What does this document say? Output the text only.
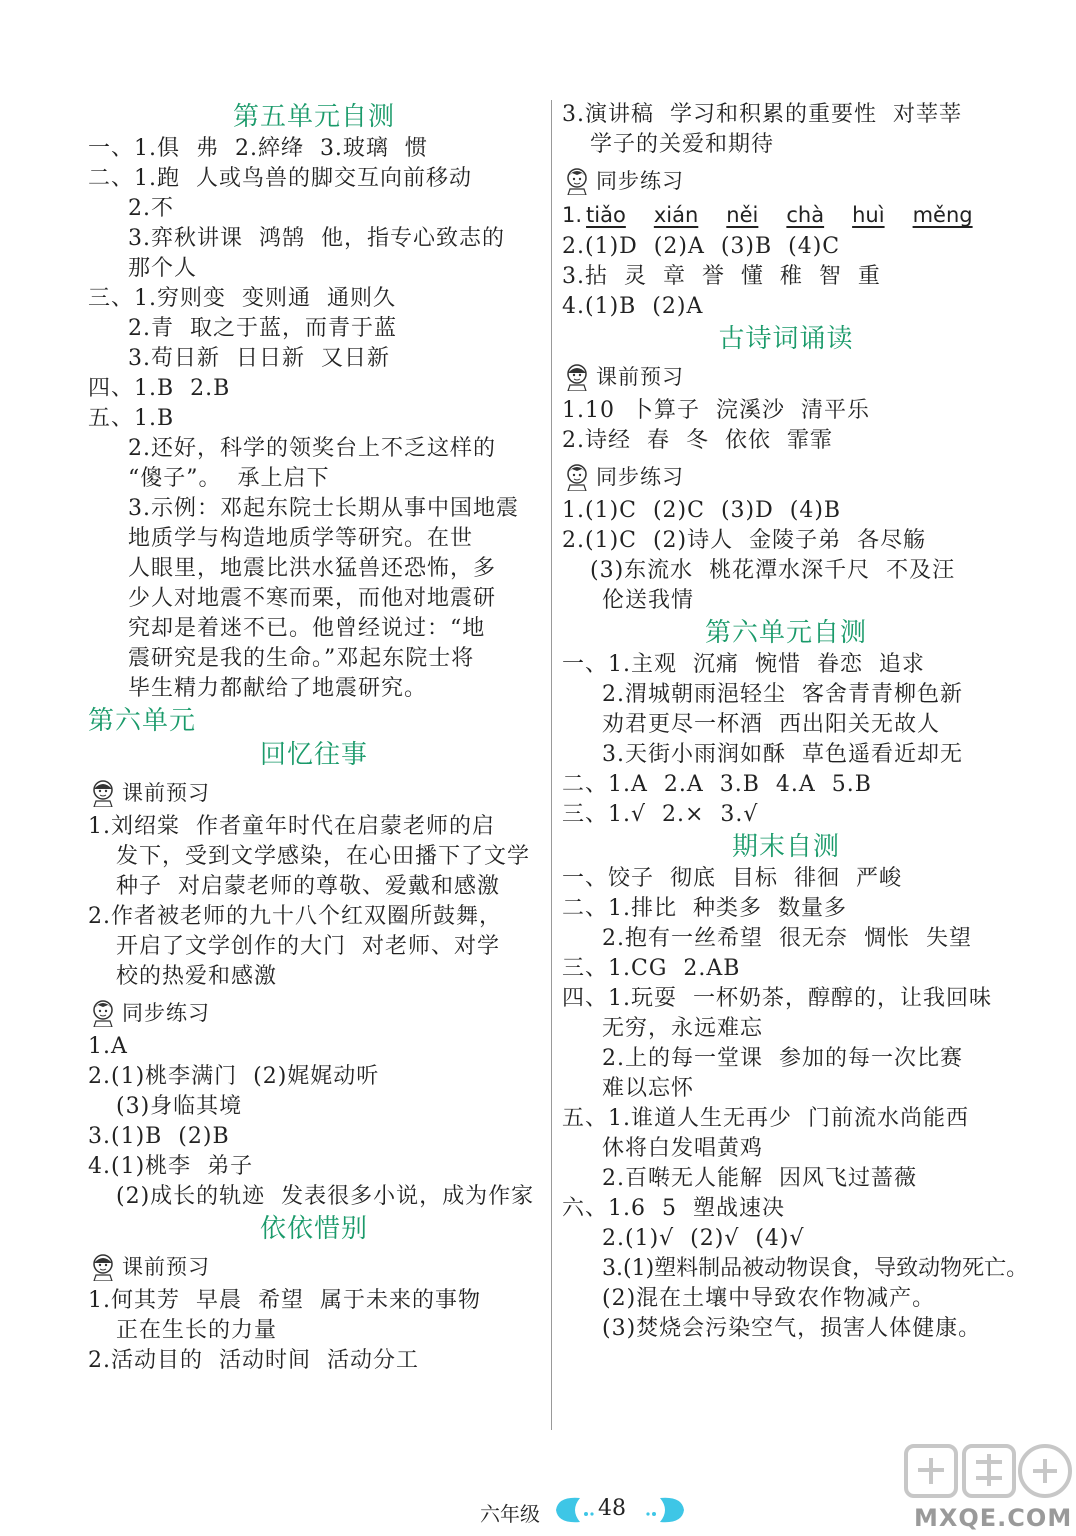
第五单元自测
一、1.俱  弗  2.綷绛  3.玻璃  惯
二、1.跑  人或鸟兽的脚交互向前移动
2.不
3.弈秋讲课  鸿鹄  他，指专心致志的
那个人
三、1.穷则变  变则通  通则久
2.青  取之于蓝，而青于蓝
3.苟日新  日日新  又日新
四、1.B  2.B
五、1.B
2.还好，科学的领奖台上不乏这样的
“傻子”。  承上启下
3.示例：邓起东院士长期从事中国地震
地质学与构造地质学等研究。在世
人眼里，地震比洪水猛兽还恐怖，多
少人对地震不寒而栗，而他对地震研
究却是着迷不已。他曾经说过：“地
震研究是我的生命。”邓起东院士将
毕生精力都献给了地震研究。
第六单元
回忆往事
课前预习
1.刘绍棠  作者童年时代在启蒙老师的启
发下，受到文学感染，在心田播下了文学
种子  对启蒙老师的尊敬、爱戴和感激
2.作者被老师的九十八个红双圈所鼓舞，
开启了文学创作的大门  对老师、对学
校的热爱和感激
同步练习
1.A
2.(1)桃李满门  (2)娓娓动听
(3)身临其境
3.(1)B  (2)B
4.(1)桃李  弟子
(2)成长的轨迹  发表很多小说，成为作家
依依惜别
课前预习
1.何其芳  早晨  希望  属于未来的事物
正在生长的力量
2.活动目的  活动时间  活动分工
3.演讲稿  学习和积累的重要性  对莘莘
学子的关爱和期待
同步练习
1. tiǎo xián něi chà huì měng
2.(1)D  (2)A  (3)B  (4)C
3.拈  灵  章  誉  懂  稚  智  重
4.(1)B  (2)A
古诗词诵读
课前预习
1.10  卜算子  浣溪沙  清平乐
2.诗经  春  冬  依依  霏霏
同步练习
1.(1)C  (2)C  (3)D  (4)B
2.(1)C  (2)诗人  金陵子弟  各尽觞
(3)东流水  桃花潭水深千尺  不及汪
伦送我情
第六单元自测
一、1.主观  沉痛  惋惜  眷恋  追求
2.渭城朝雨浥轻尘  客舍青青柳色新
劝君更尽一杯酒  西出阳关无故人
3.天街小雨润如酥  草色遥看近却无
二、1.A  2.A  3.B  4.A  5.B
三、1.√  2.×  3.√
期末自测
一、饺子  彻底  目标  徘徊  严峻
二、1.排比  种类多  数量多
2.抱有一丝希望  很无奈  惆怅  失望
三、1.CG  2.AB
四、1.玩耍  一杯奶茶，醇醇的，让我回味
无穷，永远难忘
2.上的每一堂课  参加的每一次比赛
难以忘怀
五、1.谁道人生无再少  门前流水尚能西
休将白发唱黄鸡
2.百啭无人能解  因风飞过蔷薇
六、1.6  5  塑战速决
2.(1)√  (2)√  (4)√
3.(1)塑料制品被动物误食，导致动物死亡。
(2)混在土壤中导致农作物减产。
(3)焚烧会污染空气，损害人体健康。
六年级	48	MXQE.COM
